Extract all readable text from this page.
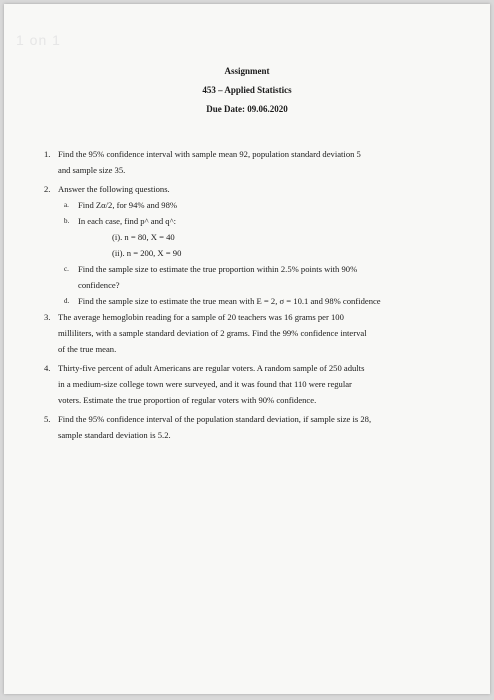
1 on 1
Assignment
453 – Applied Statistics
Due Date: 09.06.2020
1. Find the 95% confidence interval with sample mean 92, population standard deviation 5
and sample size 35.
2. Answer the following questions.
a. Find Zα/2, for 94% and 98%
b. In each case, find p^ and q^:
(i). n = 80, X = 40
(ii). n = 200, X = 90
c. Find the sample size to estimate the true proportion within 2.5% points with 90%
confidence?
d. Find the sample size to estimate the true mean with E = 2, σ = 10.1 and 98% confidence
3. The average hemoglobin reading for a sample of 20 teachers was 16 grams per 100
milliliters, with a sample standard deviation of 2 grams. Find the 99% confidence interval
of the true mean.
4. Thirty-five percent of adult Americans are regular voters. A random sample of 250 adults
in a medium-size college town were surveyed, and it was found that 110 were regular
voters. Estimate the true proportion of regular voters with 90% confidence.
5. Find the 95% confidence interval of the population standard deviation, if sample size is 28,
sample standard deviation is 5.2.
